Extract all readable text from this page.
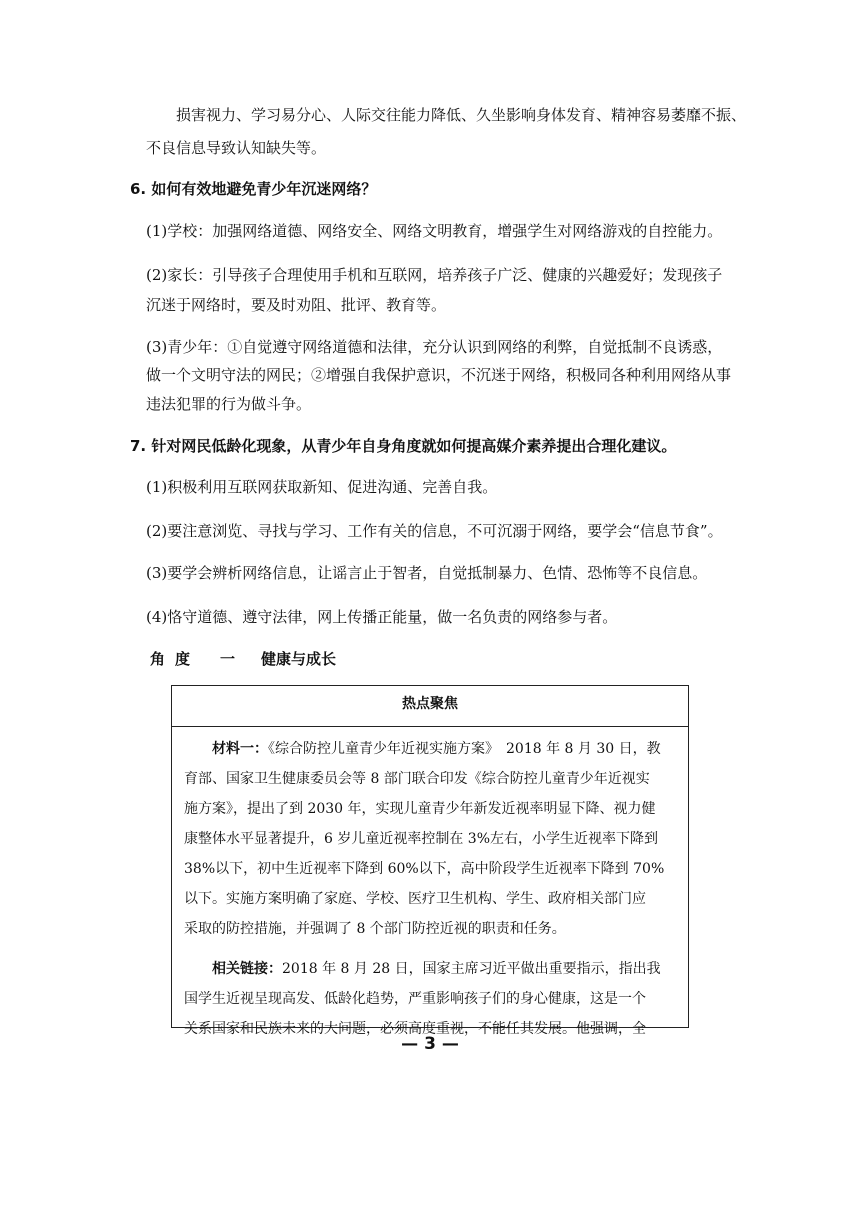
损害视力、学习易分心、人际交往能力降低、久坐影响身体发育、精神容易萎靡不振、

不良信息导致认知缺失等。

6. 如何有效地避免青少年沉迷网络？

(1)学校：加强网络道德、网络安全、网络文明教育，增强学生对网络游戏的自控能力。

(2)家长：引导孩子合理使用手机和互联网，培养孩子广泛、健康的兴趣爱好；发现孩子

沉迷于网络时，要及时劝阻、批评、教育等。

(3)青少年：①自觉遵守网络道德和法律，充分认识到网络的利弊，自觉抵制不良诱惑，

做一个文明守法的网民；②增强自我保护意识，不沉迷于网络，积极同各种利用网络从事

违法犯罪的行为做斗争。

7. 针对网民低龄化现象，从青少年自身角度就如何提高媒介素养提出合理化建议。

(1)积极利用互联网获取新知、促进沟通、完善自我。

(2)要注意浏览、寻找与学习、工作有关的信息，不可沉溺于网络，要学会“信息节食”。

(3)要学会辨析网络信息，让谣言止于智者，自觉抵制暴力、色情、恐怖等不良信息。

(4)恪守道德、遵守法律，网上传播正能量，做一名负责的网络参与者。

角度 一 健康与成长
热点聚焦

材料一：《综合防控儿童青少年近视实施方案》　2018 年 8 月 30 日，教

育部、国家卫生健康委员会等 8 部门联合印发《综合防控儿童青少年近视实

施方案》，提出了到 2030 年，实现儿童青少年新发近视率明显下降、视力健

康整体水平显著提升，6 岁儿童近视率控制在 3%左右，小学生近视率下降到

38%以下，初中生近视率下降到 60%以下，高中阶段学生近视率下降到 70%

以下。实施方案明确了家庭、学校、医疗卫生机构、学生、政府相关部门应

采取的防控措施，并强调了 8 个部门防控近视的职责和任务。

相关链接：2018 年 8 月 28 日，国家主席习近平做出重要指示，指出我

国学生近视呈现高发、低龄化趋势，严重影响孩子们的身心健康，这是一个

关系国家和民族未来的大问题，必须高度重视，不能任其发展。他强调，全

— 3 —
